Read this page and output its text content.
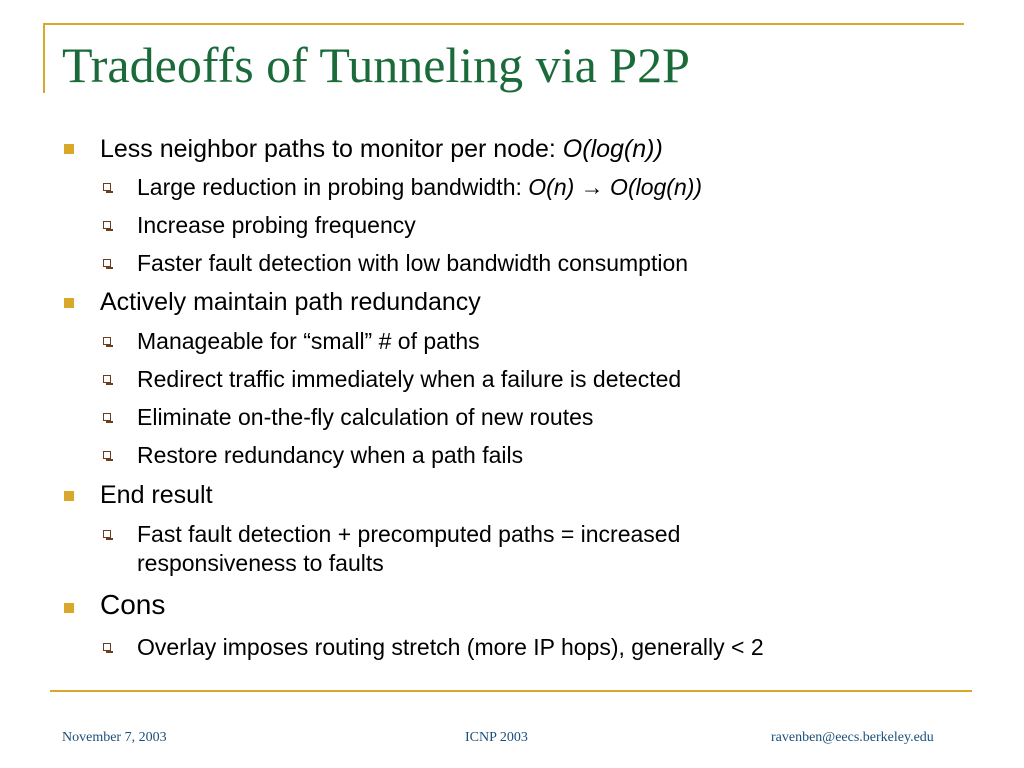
Tradeoffs of Tunneling via P2P
Less neighbor paths to monitor per node: O(log(n))
Large reduction in probing bandwidth: O(n) → O(log(n))
Increase probing frequency
Faster fault detection with low bandwidth consumption
Actively maintain path redundancy
Manageable for “small” # of paths
Redirect traffic immediately when a failure is detected
Eliminate on-the-fly calculation of new routes
Restore redundancy when a path fails
End result
Fast fault detection + precomputed paths = increased responsiveness to faults
Cons
Overlay imposes routing stretch (more IP hops), generally < 2
November 7, 2003	ICNP 2003	ravenben@eecs.berkeley.edu
